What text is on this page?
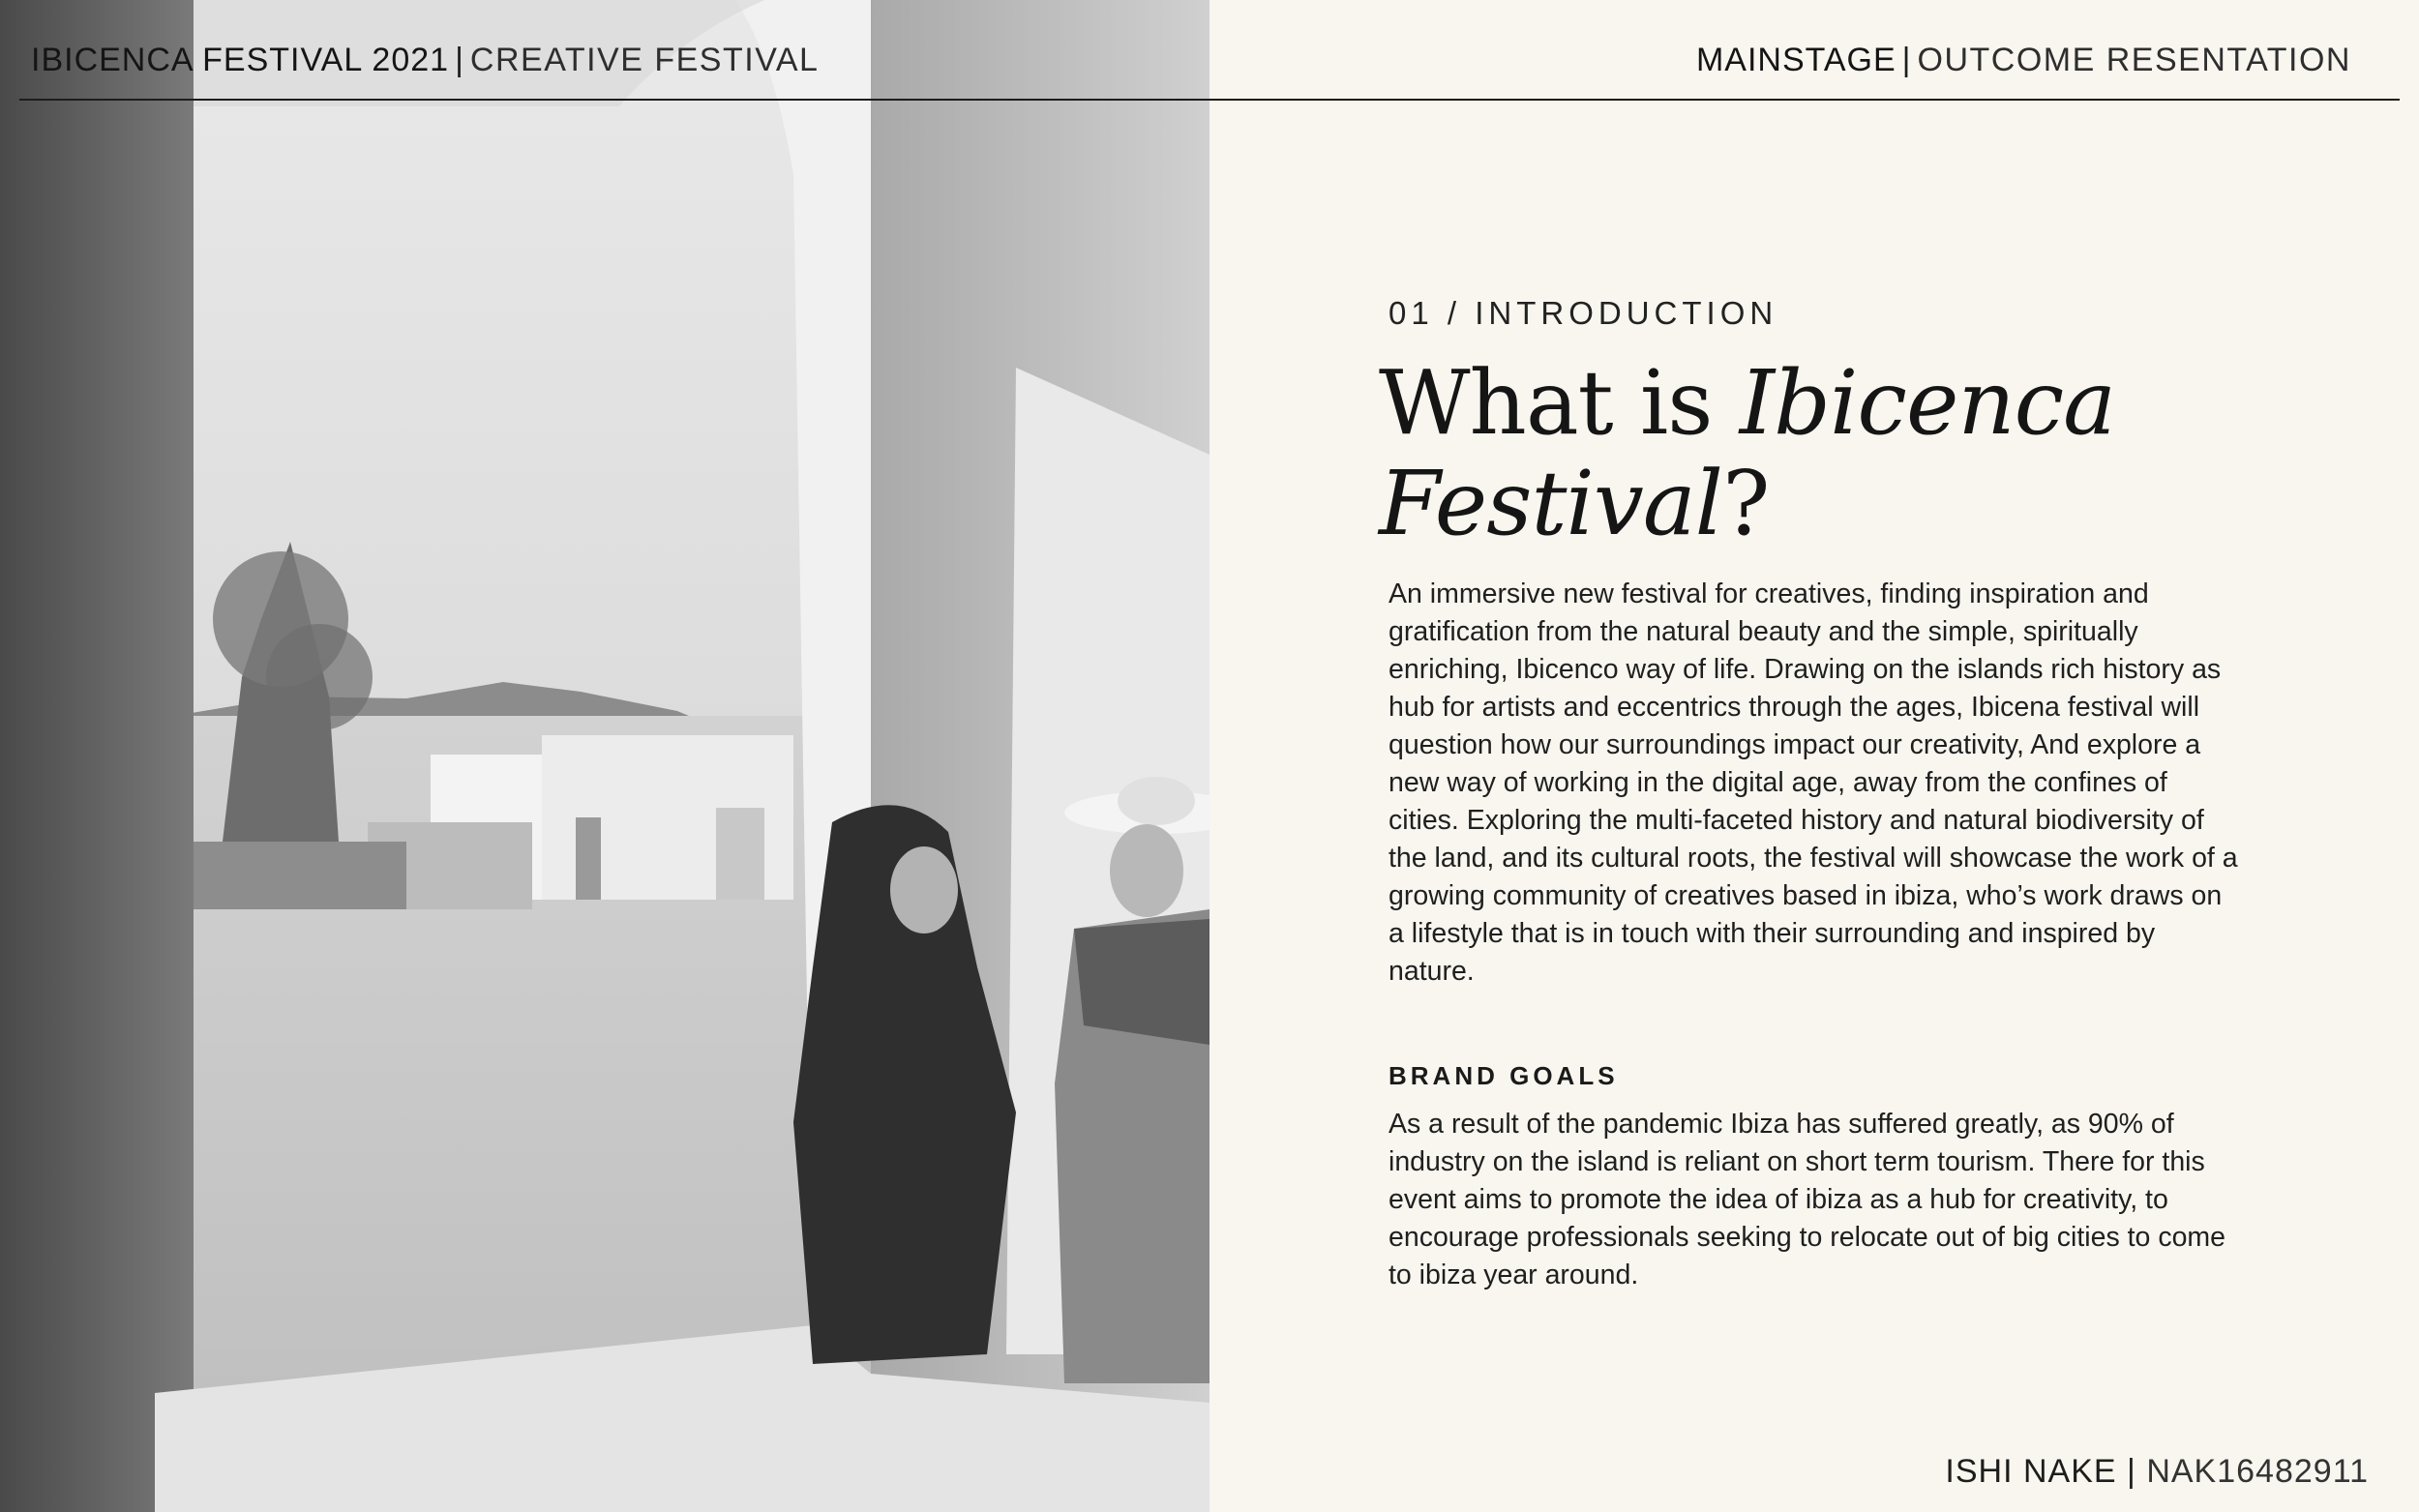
IBICENCA FESTIVAL 2021 | CREATIVE FESTIVAL	MAINSTAGE | OUTCOME RESENTATION
01 / INTRODUCTION
What is Ibicenca
Festival?
An immersive new festival for creatives, finding inspiration and gratification from the natural beauty and the simple, spiritually enriching, Ibicenco way of life. Drawing on the islands rich history as hub for artists and eccentrics through the ages, Ibicena festival will question how our surroundings impact our creativity, And explore a new way of working in the digital age, away from the confines of cities. Exploring the multi-faceted history and natural biodiversity of the land, and its cultural roots, the festival will showcase the work of a growing community of creatives based in ibiza, who’s work draws on a lifestyle that is in touch with their surrounding and inspired by nature.
BRAND GOALS
As a result of the pandemic Ibiza has suffered greatly, as 90% of industry on the island is reliant on short term tourism. There for this event aims to promote the idea of ibiza as a hub for creativity, to encourage professionals seeking to relocate out of big cities to come to ibiza year around.
ISHI NAKE | NAK16482911
